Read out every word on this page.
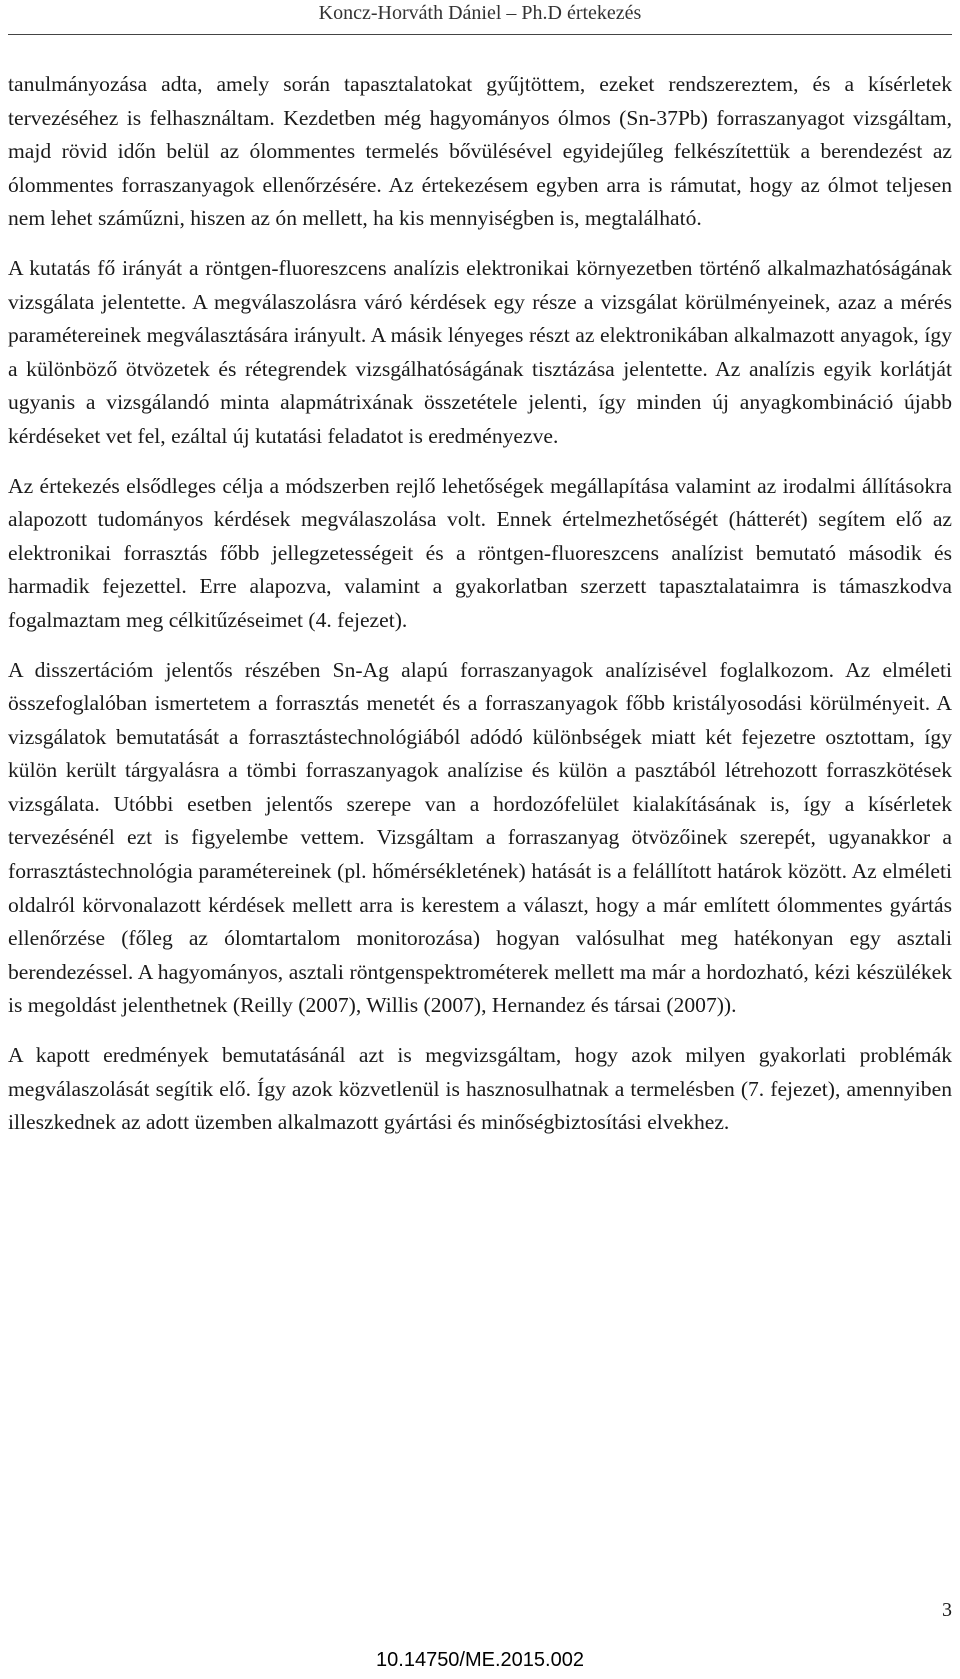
Koncz-Horváth Dániel – Ph.D értekezés

tanulmányozása adta, amely során tapasztalatokat gyűjtöttem, ezeket rendszereztem, és a kísérletek tervezéséhez is felhasználtam. Kezdetben még hagyományos ólmos (Sn-37Pb) forraszanyagot vizsgáltam, majd rövid időn belül az ólommentes termelés bővülésével egyidejűleg felkészítettük a berendezést az ólommentes forraszanyagok ellenőrzésére. Az értekezésem egyben arra is rámutat, hogy az ólmot teljesen nem lehet száműzni, hiszen az ón mellett, ha kis mennyiségben is, megtalálható.

A kutatás fő irányát a röntgen-fluoreszcens analízis elektronikai környezetben történő alkalmazhatóságának vizsgálata jelentette. A megválaszolásra váró kérdések egy része a vizsgálat körülményeinek, azaz a mérés paramétereinek megválasztására irányult. A másik lényeges részt az elektronikában alkalmazott anyagok, így a különböző ötvözetek és rétegrendek vizsgálhatóságának tisztázása jelentette. Az analízis egyik korlátját ugyanis a vizsgálandó minta alapmátrixának összetétele jelenti, így minden új anyagkombináció újabb kérdéseket vet fel, ezáltal új kutatási feladatot is eredményezve.

Az értekezés elsődleges célja a módszerben rejlő lehetőségek megállapítása valamint az irodalmi állításokra alapozott tudományos kérdések megválaszolása volt. Ennek értelmezhetőségét (hátterét) segítem elő az elektronikai forrasztás főbb jellegzetességeit és a röntgen-fluoreszcens analízist bemutató második és harmadik fejezettel. Erre alapozva, valamint a gyakorlatban szerzett tapasztalataimra is támaszkodva fogalmaztam meg célkitűzéseimet (4. fejezet).

A disszertációm jelentős részében Sn-Ag alapú forraszanyagok analízisével foglalkozom. Az elméleti összefoglalóban ismertetem a forrasztás menetét és a forraszanyagok főbb kristályosodási körülményeit. A vizsgálatok bemutatását a forrasztástechnológiából adódó különbségek miatt két fejezetre osztottam, így külön került tárgyalásra a tömbi forraszanyagok analízise és külön a pasztából létrehozott forraszkötések vizsgálata. Utóbbi esetben jelentős szerepe van a hordozófelület kialakításának is, így a kísérletek tervezésénél ezt is figyelembe vettem. Vizsgáltam a forraszanyag ötvözőinek szerepét, ugyanakkor a forrasztástechnológia paramétereinek (pl. hőmérsékletének) hatását is a felállított határok között. Az elméleti oldalról körvonalazott kérdések mellett arra is kerestem a választ, hogy a már említett ólommentes gyártás ellenőrzése (főleg az ólomtartalom monitorozása) hogyan valósulhat meg hatékonyan egy asztali berendezéssel. A hagyományos, asztali röntgenspektrométerek mellett ma már a hordozható, kézi készülékek is megoldást jelenthetnek (Reilly (2007), Willis (2007), Hernandez és társai (2007)).

A kapott eredmények bemutatásánál azt is megvizsgáltam, hogy azok milyen gyakorlati problémák megválaszolását segítik elő. Így azok közvetlenül is hasznosulhatnak a termelésben (7. fejezet), amennyiben illeszkednek az adott üzemben alkalmazott gyártási és minőségbiztosítási elvekhez.

3
10.14750/ME.2015.002
